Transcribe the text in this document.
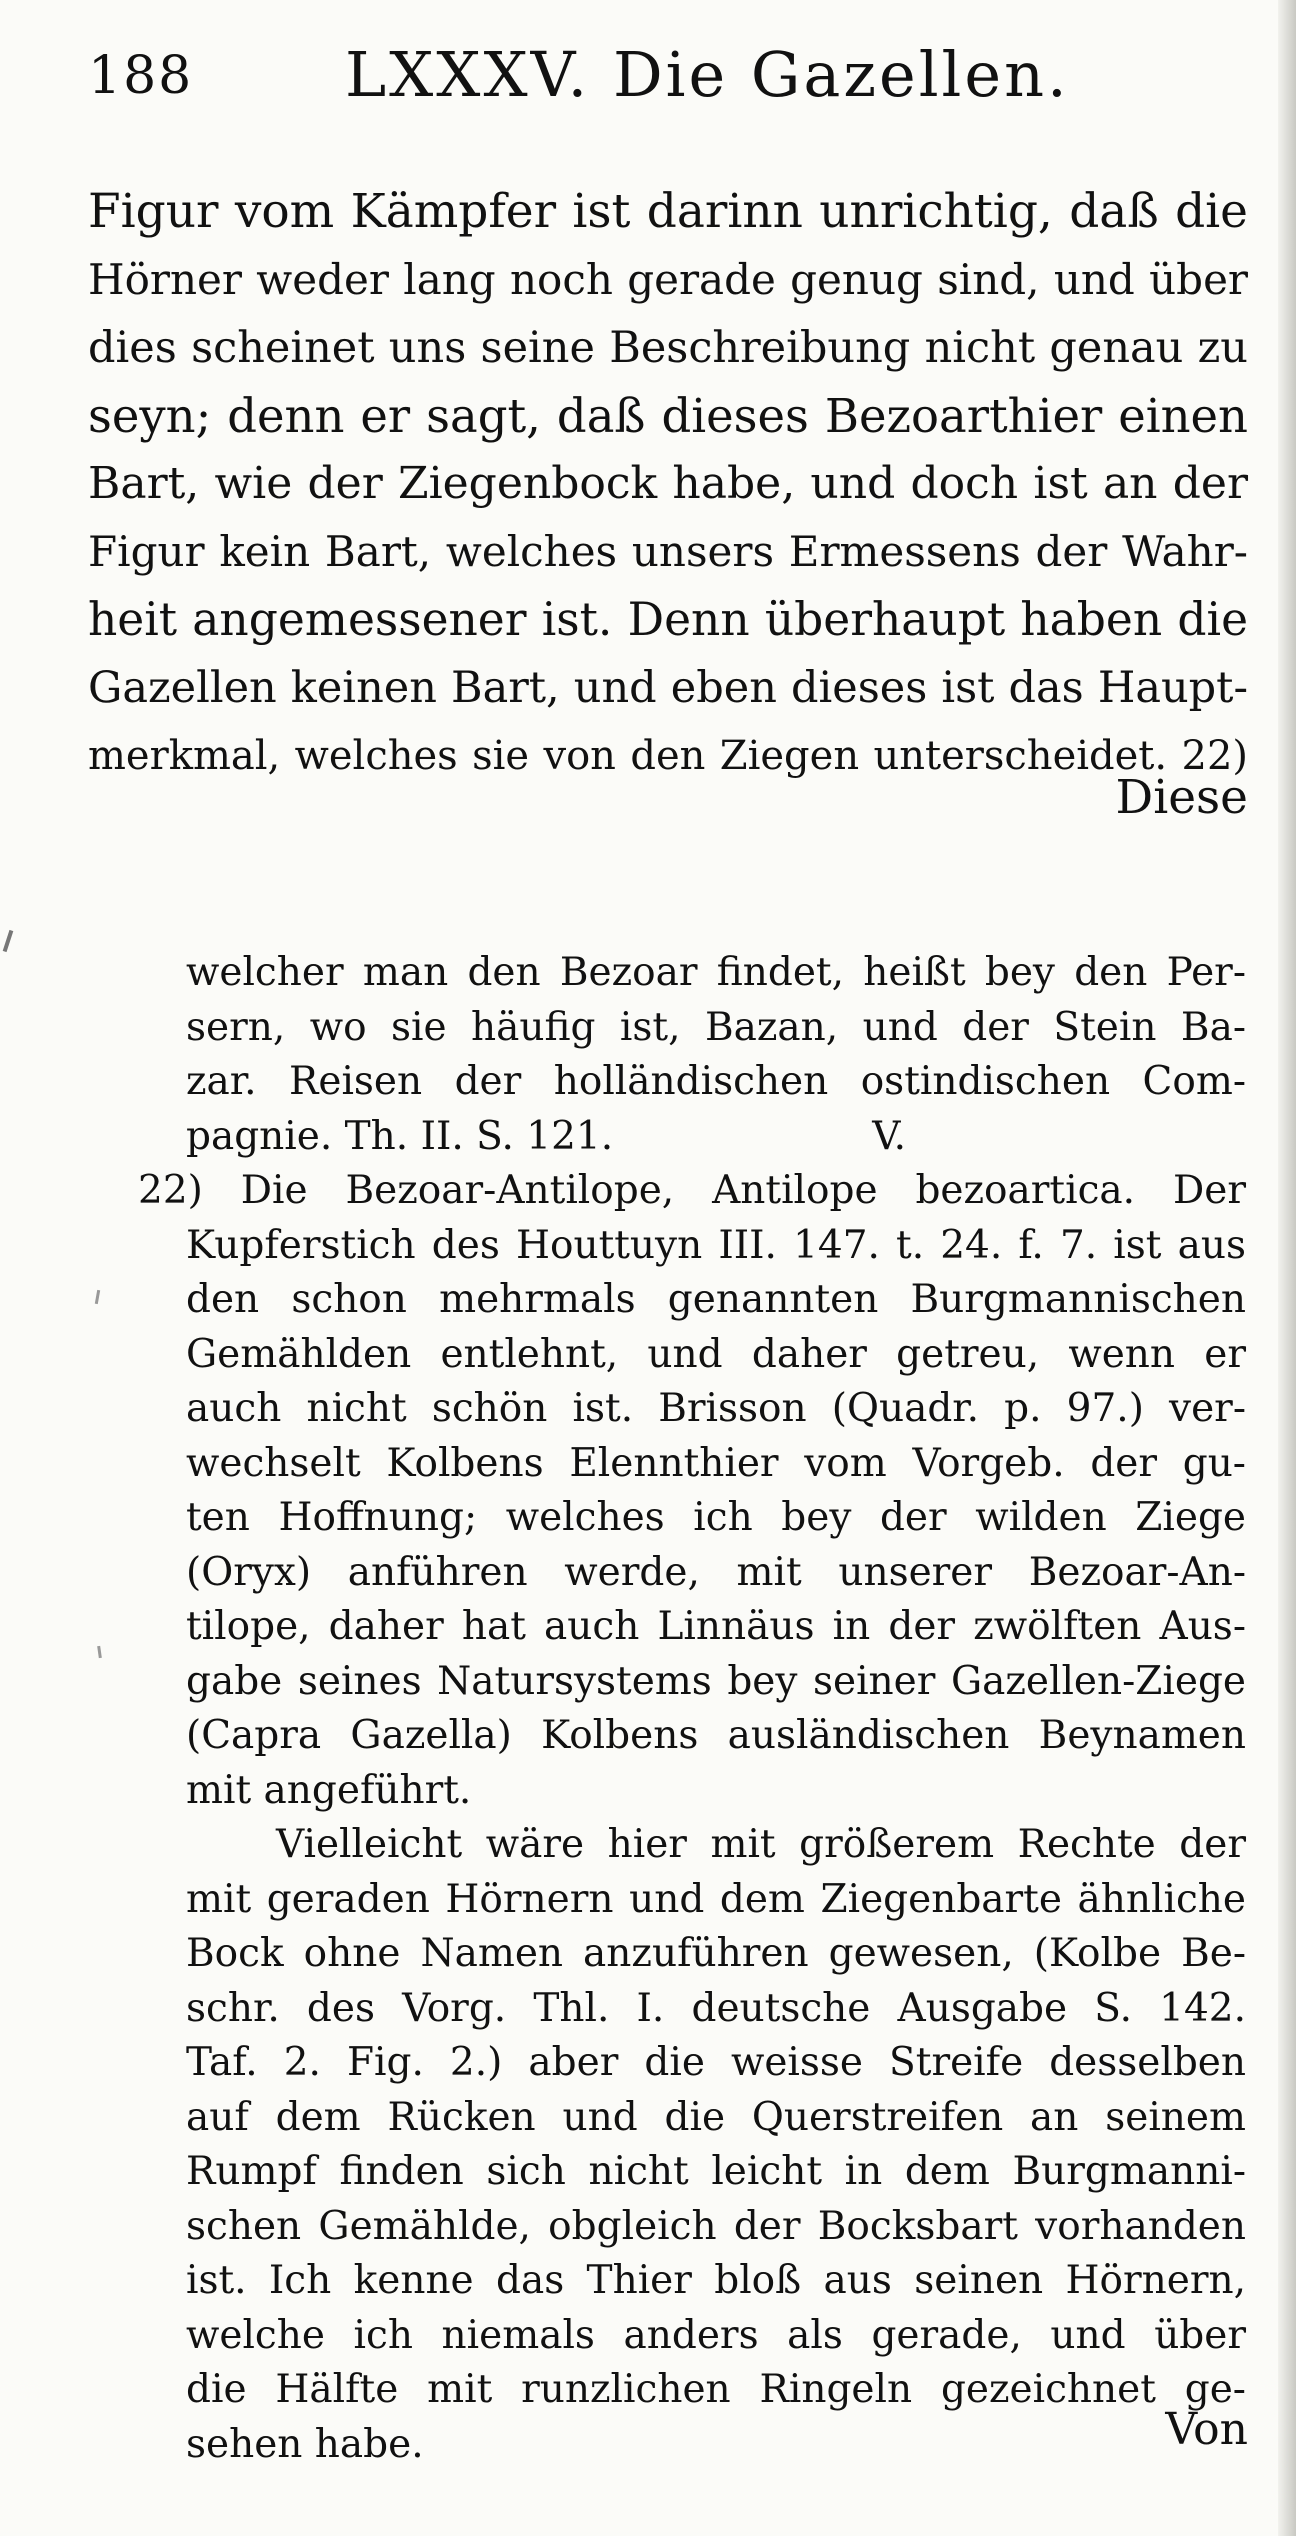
188 LXXXV. Die Gazellen.
Figur vom Kämpfer ist darinn unrichtig, daß die
Hörner weder lang noch gerade genug sind, und über
dies scheinet uns seine Beschreibung nicht genau zu
seyn; denn er sagt, daß dieses Bezoarthier einen
Bart, wie der Ziegenbock habe, und doch ist an der
Figur kein Bart, welches unsers Ermessens der Wahr-
heit angemessener ist. Denn überhaupt haben die
Gazellen keinen Bart, und eben dieses ist das Haupt-
merkmal, welches sie von den Ziegen unterscheidet. 22)
Diese
welcher man den Bezoar findet, heißt bey den Per-
sern, wo sie häufig ist, Bazan, und der Stein Ba-
zar. Reisen der holländischen ostindischen Com-
pagnie. Th. II. S. 121.	V.
22) Die Bezoar-Antilope, Antilope bezoartica. Der
Kupferstich des Houttuyn III. 147. t. 24. f. 7. ist aus
den schon mehrmals genannten Burgmannischen
Gemählden entlehnt, und daher getreu, wenn er
auch nicht schön ist. Brisson (Quadr. p. 97.) ver-
wechselt Kolbens Elennthier vom Vorgeb. der gu-
ten Hoffnung; welches ich bey der wilden Ziege
(Oryx) anführen werde, mit unserer Bezoar-An-
tilope, daher hat auch Linnäus in der zwölften Aus-
gabe seines Natursystems bey seiner Gazellen-Ziege
(Capra Gazella) Kolbens ausländischen Beynamen
mit angeführt.
Vielleicht wäre hier mit größerem Rechte der
mit geraden Hörnern und dem Ziegenbarte ähnliche
Bock ohne Namen anzuführen gewesen, (Kolbe Be-
schr. des Vorg. Thl. I. deutsche Ausgabe S. 142.
Taf. 2. Fig. 2.) aber die weisse Streife desselben
auf dem Rücken und die Querstreifen an seinem
Rumpf finden sich nicht leicht in dem Burgmanni-
schen Gemählde, obgleich der Bocksbart vorhanden
ist. Ich kenne das Thier bloß aus seinen Hörnern,
welche ich niemals anders als gerade, und über
die Hälfte mit runzlichen Ringeln gezeichnet ge-
sehen habe.	Von
